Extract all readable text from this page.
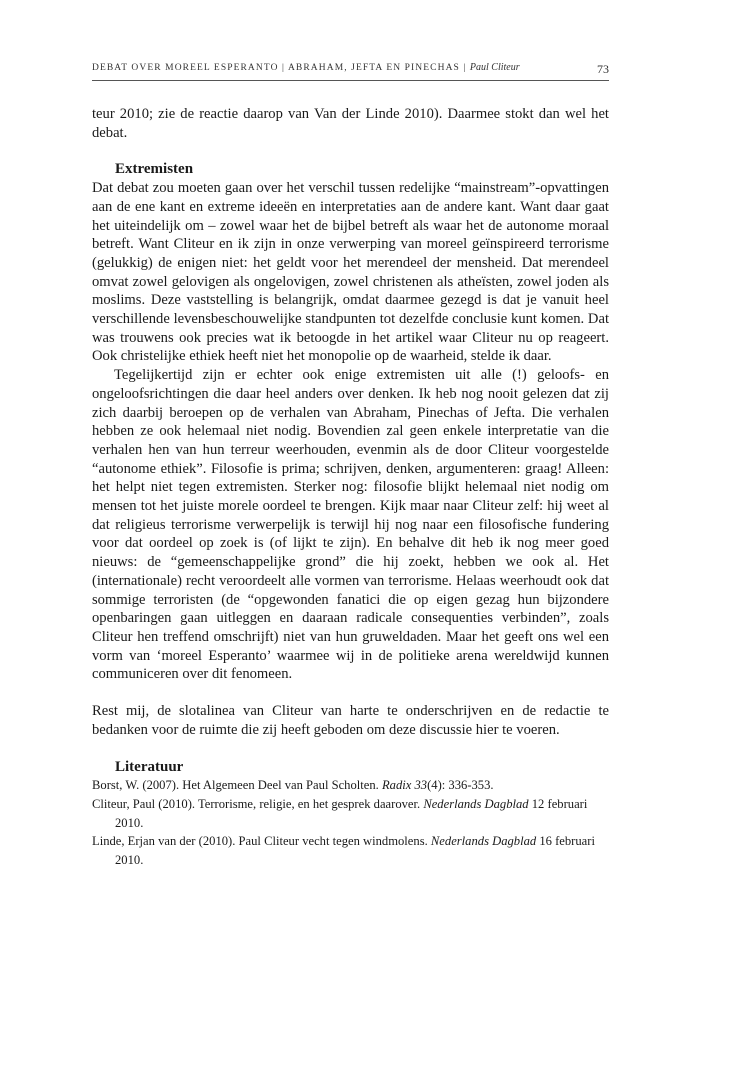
DEBAT OVER MOREEL ESPERANTO | ABRAHAM, JEFTA EN PINECHAS | Paul Cliteur	73

teur 2010; zie de reactie daarop van Van der Linde 2010). Daarmee stokt dan wel het debat.

Extremisten

Dat debat zou moeten gaan over het verschil tussen redelijke “mainstream”-opvattingen aan de ene kant en extreme ideeën en interpretaties aan de andere kant. Want daar gaat het uiteindelijk om – zowel waar het de bijbel betreft als waar het de autonome moraal betreft. Want Cliteur en ik zijn in onze verwerping van moreel geïnspireerd terrorisme (gelukkig) de enigen niet: het geldt voor het merendeel der mensheid. Dat merendeel omvat zowel gelovigen als ongelovigen, zowel christenen als atheïsten, zowel joden als moslims. Deze vaststelling is belangrijk, omdat daarmee gezegd is dat je vanuit heel verschillende levensbeschouwelijke standpunten tot dezelfde conclusie kunt komen. Dat was trouwens ook precies wat ik betoogde in het artikel waar Cliteur nu op reageert. Ook christelijke ethiek heeft niet het monopolie op de waarheid, stelde ik daar.

Tegelijkertijd zijn er echter ook enige extremisten uit alle (!) geloofs- en ongeloofsrichtingen die daar heel anders over denken. Ik heb nog nooit gelezen dat zij zich daarbij beroepen op de verhalen van Abraham, Pinechas of Jefta. Die verhalen hebben ze ook helemaal niet nodig. Bovendien zal geen enkele interpretatie van die verhalen hen van hun terreur weerhouden, evenmin als de door Cliteur voorgestelde “autonome ethiek”. Filosofie is prima; schrijven, denken, argumenteren: graag! Alleen: het helpt niet tegen extremisten. Sterker nog: filosofie blijkt helemaal niet nodig om mensen tot het juiste morele oordeel te brengen. Kijk maar naar Cliteur zelf: hij weet al dat religieus terrorisme verwerpelijk is terwijl hij nog naar een filosofische fundering voor dat oordeel op zoek is (of lijkt te zijn). En behalve dit heb ik nog meer goed nieuws: de “gemeenschappelijke grond” die hij zoekt, hebben we ook al. Het (internationale) recht veroordeelt alle vormen van terrorisme. Helaas weerhoudt ook dat sommige terroristen (de “opgewonden fanatici die op eigen gezag hun bijzondere openbaringen gaan uitleggen en daaraan radicale consequenties verbinden”, zoals Cliteur hen treffend omschrijft) niet van hun gruweldaden. Maar het geeft ons wel een vorm van ‘moreel Esperanto’ waarmee wij in de politieke arena wereldwijd kunnen communiceren over dit fenomeen.

Rest mij, de slotalinea van Cliteur van harte te onderschrijven en de redactie te bedanken voor de ruimte die zij heeft geboden om deze discussie hier te voeren.

Literatuur

Borst, W. (2007). Het Algemeen Deel van Paul Scholten. Radix 33(4): 336-353.

Cliteur, Paul (2010). Terrorisme, religie, en het gesprek daarover. Nederlands Dagblad 12 februari 2010.

Linde, Erjan van der (2010). Paul Cliteur vecht tegen windmolens. Nederlands Dagblad 16 februari 2010.
